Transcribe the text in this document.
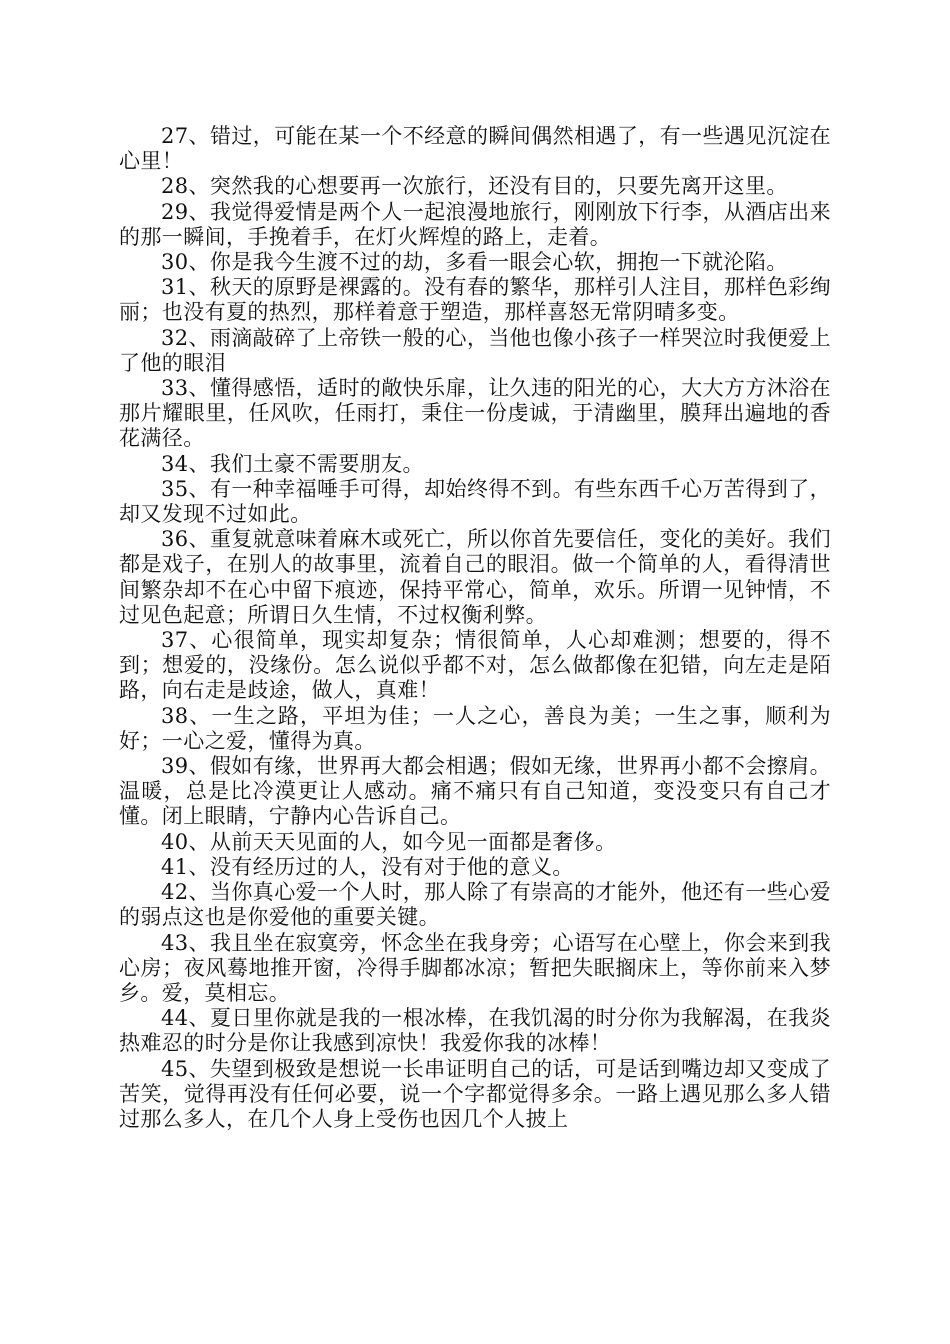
27、错过，可能在某一个不经意的瞬间偶然相遇了，有一些遇见沉淀在心里！

28、突然我的心想要再一次旅行，还没有目的，只要先离开这里。

29、我觉得爱情是两个人一起浪漫地旅行，刚刚放下行李，从酒店出来的那一瞬间，手挽着手，在灯火辉煌的路上，走着。

30、你是我今生渡不过的劫，多看一眼会心软，拥抱一下就沦陷。

31、秋天的原野是裸露的。没有春的繁华，那样引人注目，那样色彩绚丽；也没有夏的热烈，那样着意于塑造，那样喜怒无常阴晴多变。

32、雨滴敲碎了上帝铁一般的心，当他也像小孩子一样哭泣时我便爱上了他的眼泪

33、懂得感悟，适时的敞快乐扉，让久违的阳光的心，大大方方沐浴在那片耀眼里，任风吹，任雨打，秉住一份虔诚，于清幽里，膜拜出遍地的香花满径。

34、我们土豪不需要朋友。

35、有一种幸福唾手可得，却始终得不到。有些东西千心万苦得到了，却又发现不过如此。

36、重复就意味着麻木或死亡，所以你首先要信任，变化的美好。我们都是戏子，在别人的故事里，流着自己的眼泪。做一个简单的人，看得清世间繁杂却不在心中留下痕迹，保持平常心，简单，欢乐。所谓一见钟情，不过见色起意；所谓日久生情，不过权衡利弊。

37、心很简单，现实却复杂；情很简单，人心却难测；想要的，得不到；想爱的，没缘份。怎么说似乎都不对，怎么做都像在犯错，向左走是陌路，向右走是歧途，做人，真难！

38、一生之路，平坦为佳；一人之心，善良为美；一生之事，顺利为好；一心之爱，懂得为真。

39、假如有缘，世界再大都会相遇；假如无缘，世界再小都不会擦肩。温暖，总是比冷漠更让人感动。痛不痛只有自己知道，变没变只有自己才懂。闭上眼睛，宁静内心告诉自己。

40、从前天天见面的人，如今见一面都是奢侈。

41、没有经历过的人，没有对于他的意义。

42、当你真心爱一个人时，那人除了有崇高的才能外，他还有一些心爱的弱点这也是你爱他的重要关键。

43、我且坐在寂寞旁，怀念坐在我身旁；心语写在心壁上，你会来到我心房；夜风蓦地推开窗，冷得手脚都冰凉；暂把失眠搁床上，等你前来入梦乡。爱，莫相忘。

44、夏日里你就是我的一根冰棒，在我饥渴的时分你为我解渴，在我炎热难忍的时分是你让我感到凉快！我爱你我的冰棒！

45、失望到极致是想说一长串证明自己的话，可是话到嘴边却又变成了苦笑，觉得再没有任何必要，说一个字都觉得多余。一路上遇见那么多人错过那么多人，在几个人身上受伤也因几个人披上
